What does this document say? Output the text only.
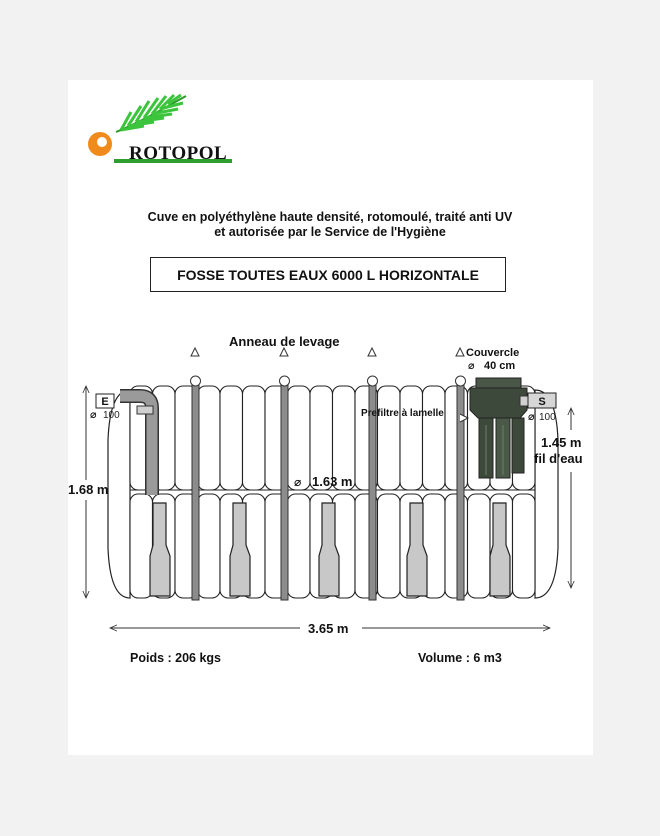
ROTOPOL
Cuve en polyéthylène haute densité, rotomoulé, traité anti UV
et autorisée par le Service de l'Hygiène
FOSSE TOUTES EAUX 6000 L HORIZONTALE
E
⌀ 100
S
⌀ 100
Anneau de levage
Couvercle
⌀ 40 cm
Prefiltre à lamelle
⌀ 1.63 m
1.68 m
1.45 m
fil d'eau
3.65 m
Poids : 206 kgs	Volume : 6 m3
